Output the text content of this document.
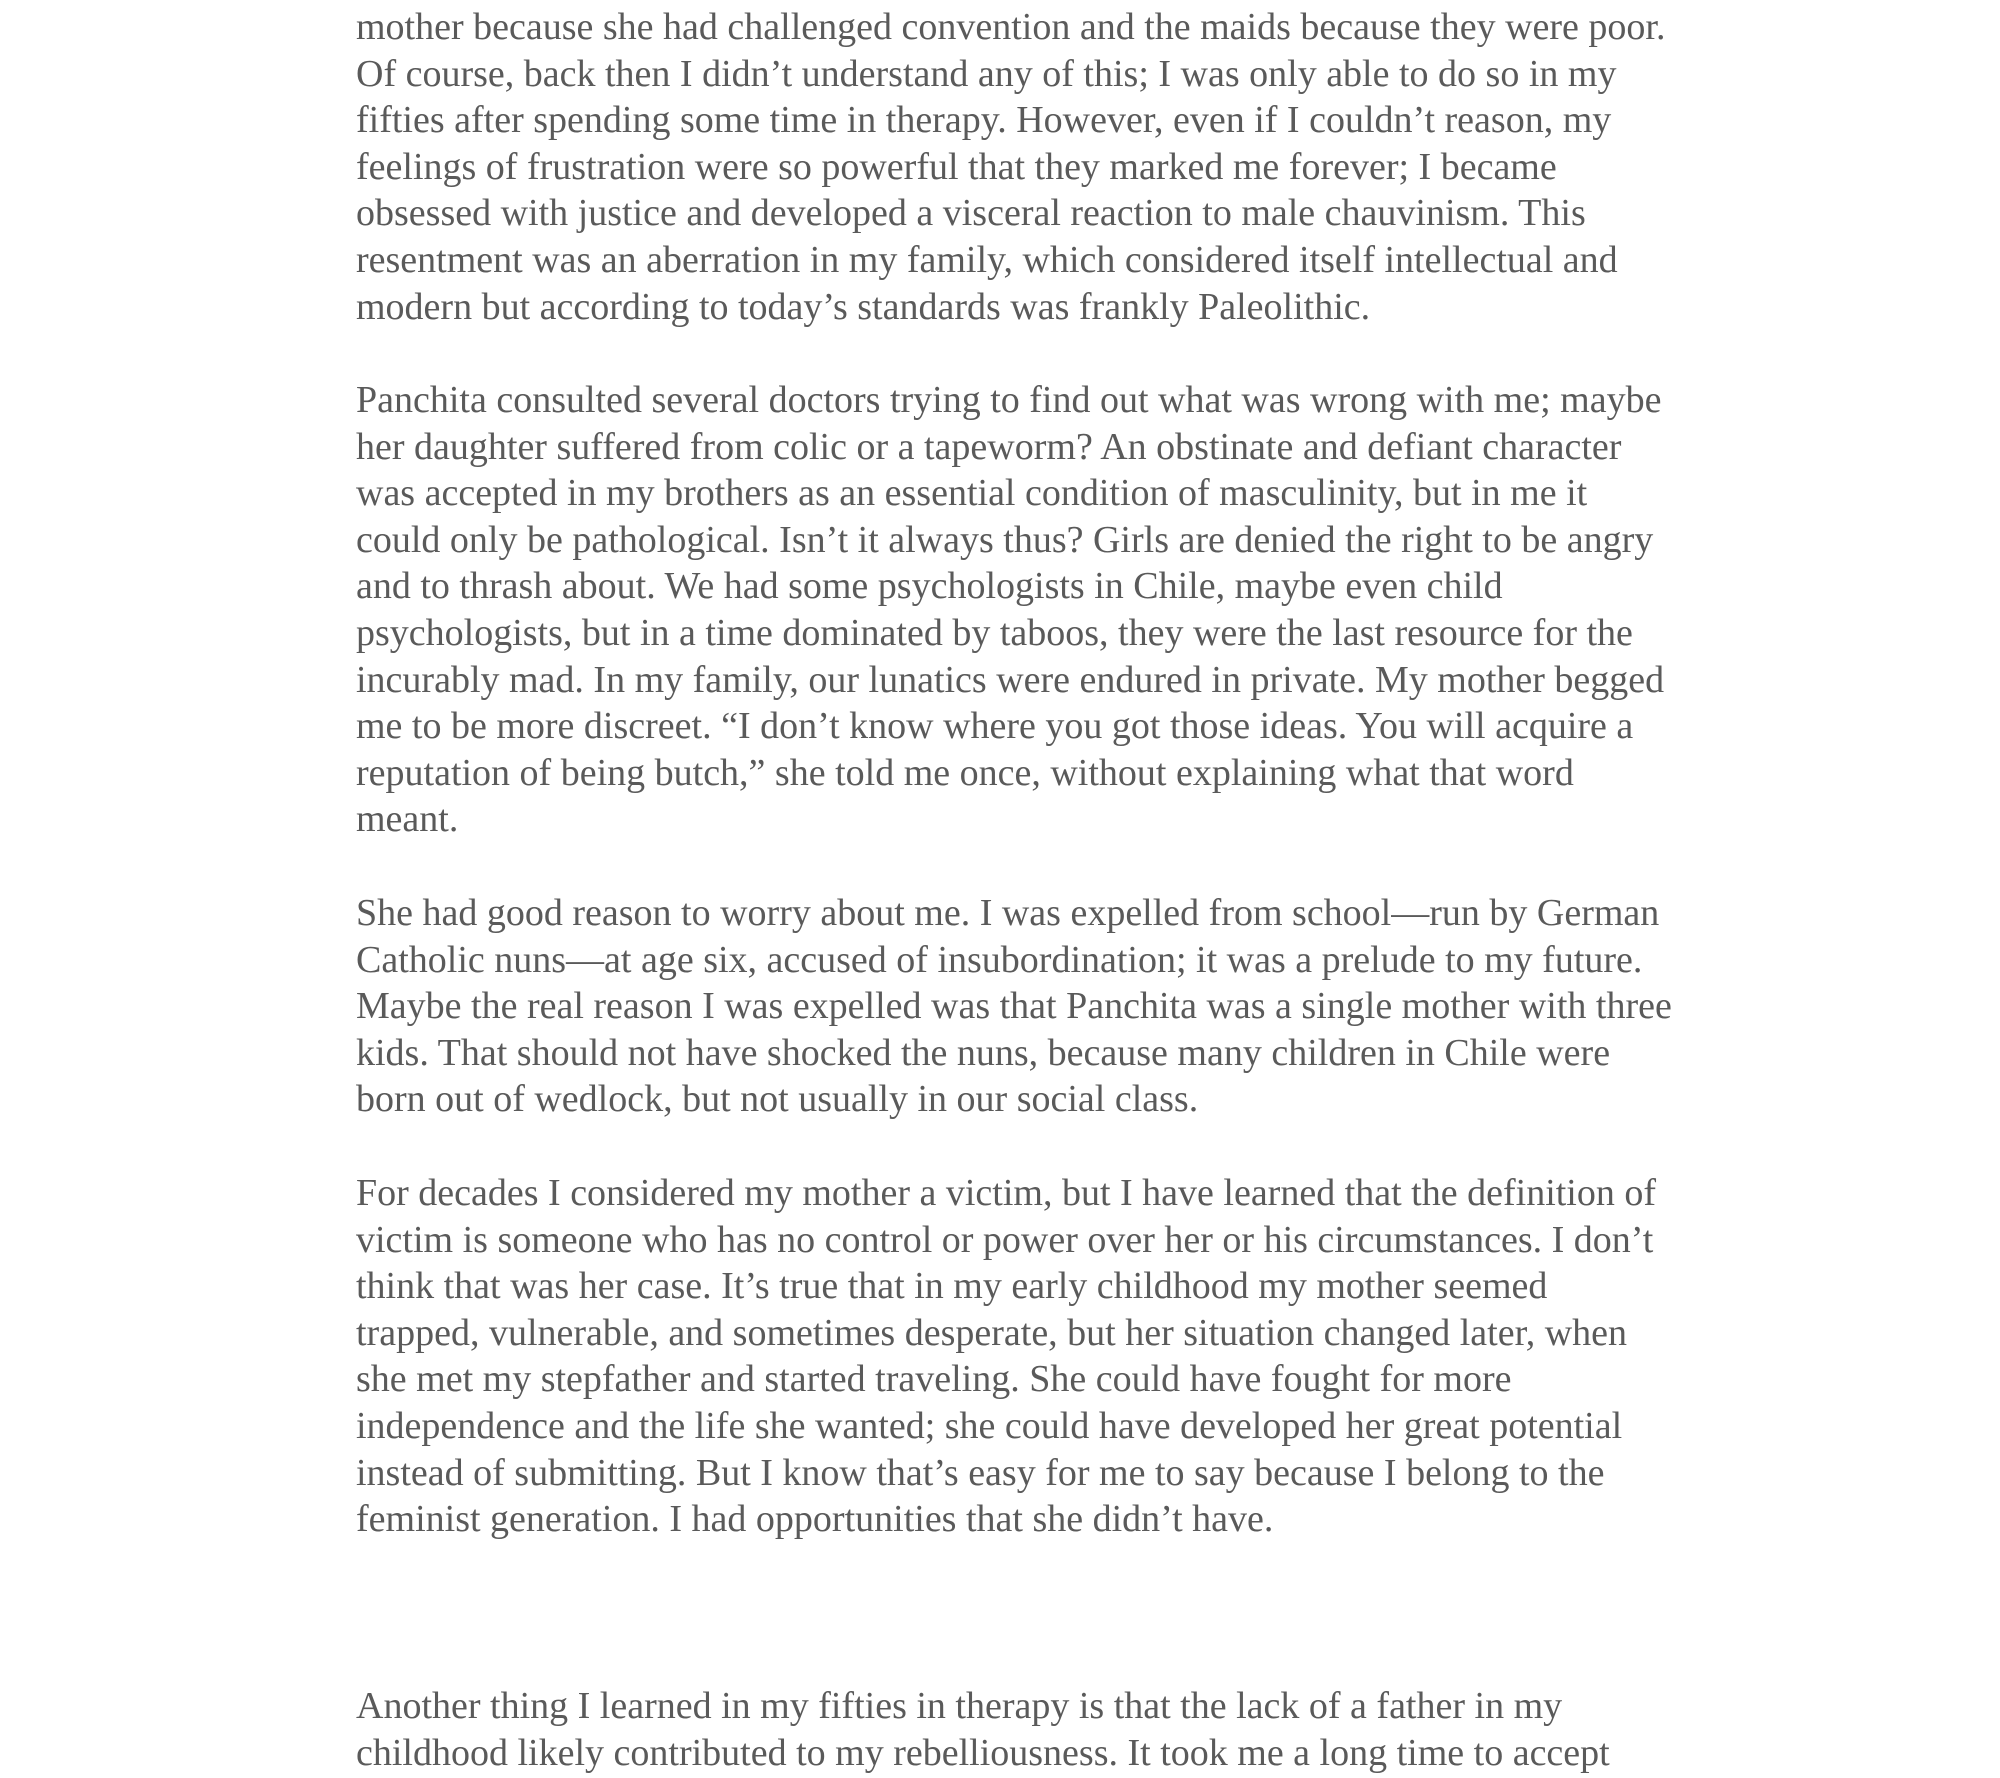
mother because she had challenged convention and the maids because they were poor.
Of course, back then I didn’t understand any of this; I was only able to do so in my
fifties after spending some time in therapy. However, even if I couldn’t reason, my
feelings of frustration were so powerful that they marked me forever; I became
obsessed with justice and developed a visceral reaction to male chauvinism. This
resentment was an aberration in my family, which considered itself intellectual and
modern but according to today’s standards was frankly Paleolithic.
Panchita consulted several doctors trying to find out what was wrong with me; maybe
her daughter suffered from colic or a tapeworm? An obstinate and defiant character
was accepted in my brothers as an essential condition of masculinity, but in me it
could only be pathological. Isn’t it always thus? Girls are denied the right to be angry
and to thrash about. We had some psychologists in Chile, maybe even child
psychologists, but in a time dominated by taboos, they were the last resource for the
incurably mad. In my family, our lunatics were endured in private. My mother begged
me to be more discreet. “I don’t know where you got those ideas. You will acquire a
reputation of being butch,” she told me once, without explaining what that word
meant.
She had good reason to worry about me. I was expelled from school—run by German
Catholic nuns—at age six, accused of insubordination; it was a prelude to my future.
Maybe the real reason I was expelled was that Panchita was a single mother with three
kids. That should not have shocked the nuns, because many children in Chile were
born out of wedlock, but not usually in our social class.
For decades I considered my mother a victim, but I have learned that the definition of
victim is someone who has no control or power over her or his circumstances. I don’t
think that was her case. It’s true that in my early childhood my mother seemed
trapped, vulnerable, and sometimes desperate, but her situation changed later, when
she met my stepfather and started traveling. She could have fought for more
independence and the life she wanted; she could have developed her great potential
instead of submitting. But I know that’s easy for me to say because I belong to the
feminist generation. I had opportunities that she didn’t have.
Another thing I learned in my fifties in therapy is that the lack of a father in my
childhood likely contributed to my rebelliousness. It took me a long time to accept
